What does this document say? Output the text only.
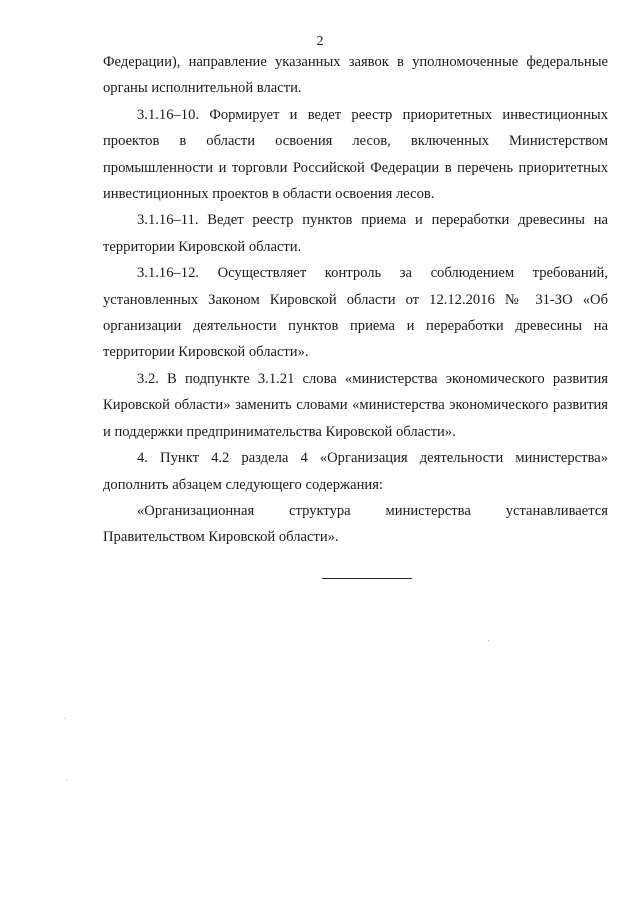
2

Федерации), направление указанных заявок в уполномоченные федеральные органы исполнительной власти.

3.1.16–10. Формирует и ведет реестр приоритетных инвестиционных проектов в области освоения лесов, включенных Министерством промышленности и торговли Российской Федерации в перечень приоритетных инвестиционных проектов в области освоения лесов.

3.1.16–11. Ведет реестр пунктов приема и переработки древесины на территории Кировской области.

3.1.16–12. Осуществляет контроль за соблюдением требований, установленных Законом Кировской области от 12.12.2016 № 31-ЗО «Об организации деятельности пунктов приема и переработки древесины на территории Кировской области».

3.2. В подпункте 3.1.21 слова «министерства экономического развития Кировской области» заменить словами «министерства экономического развития и поддержки предпринимательства Кировской области».

4. Пункт 4.2 раздела 4 «Организация деятельности министерства» дополнить абзацем следующего содержания:

«Организационная структура министерства устанавливается Правительством Кировской области».
